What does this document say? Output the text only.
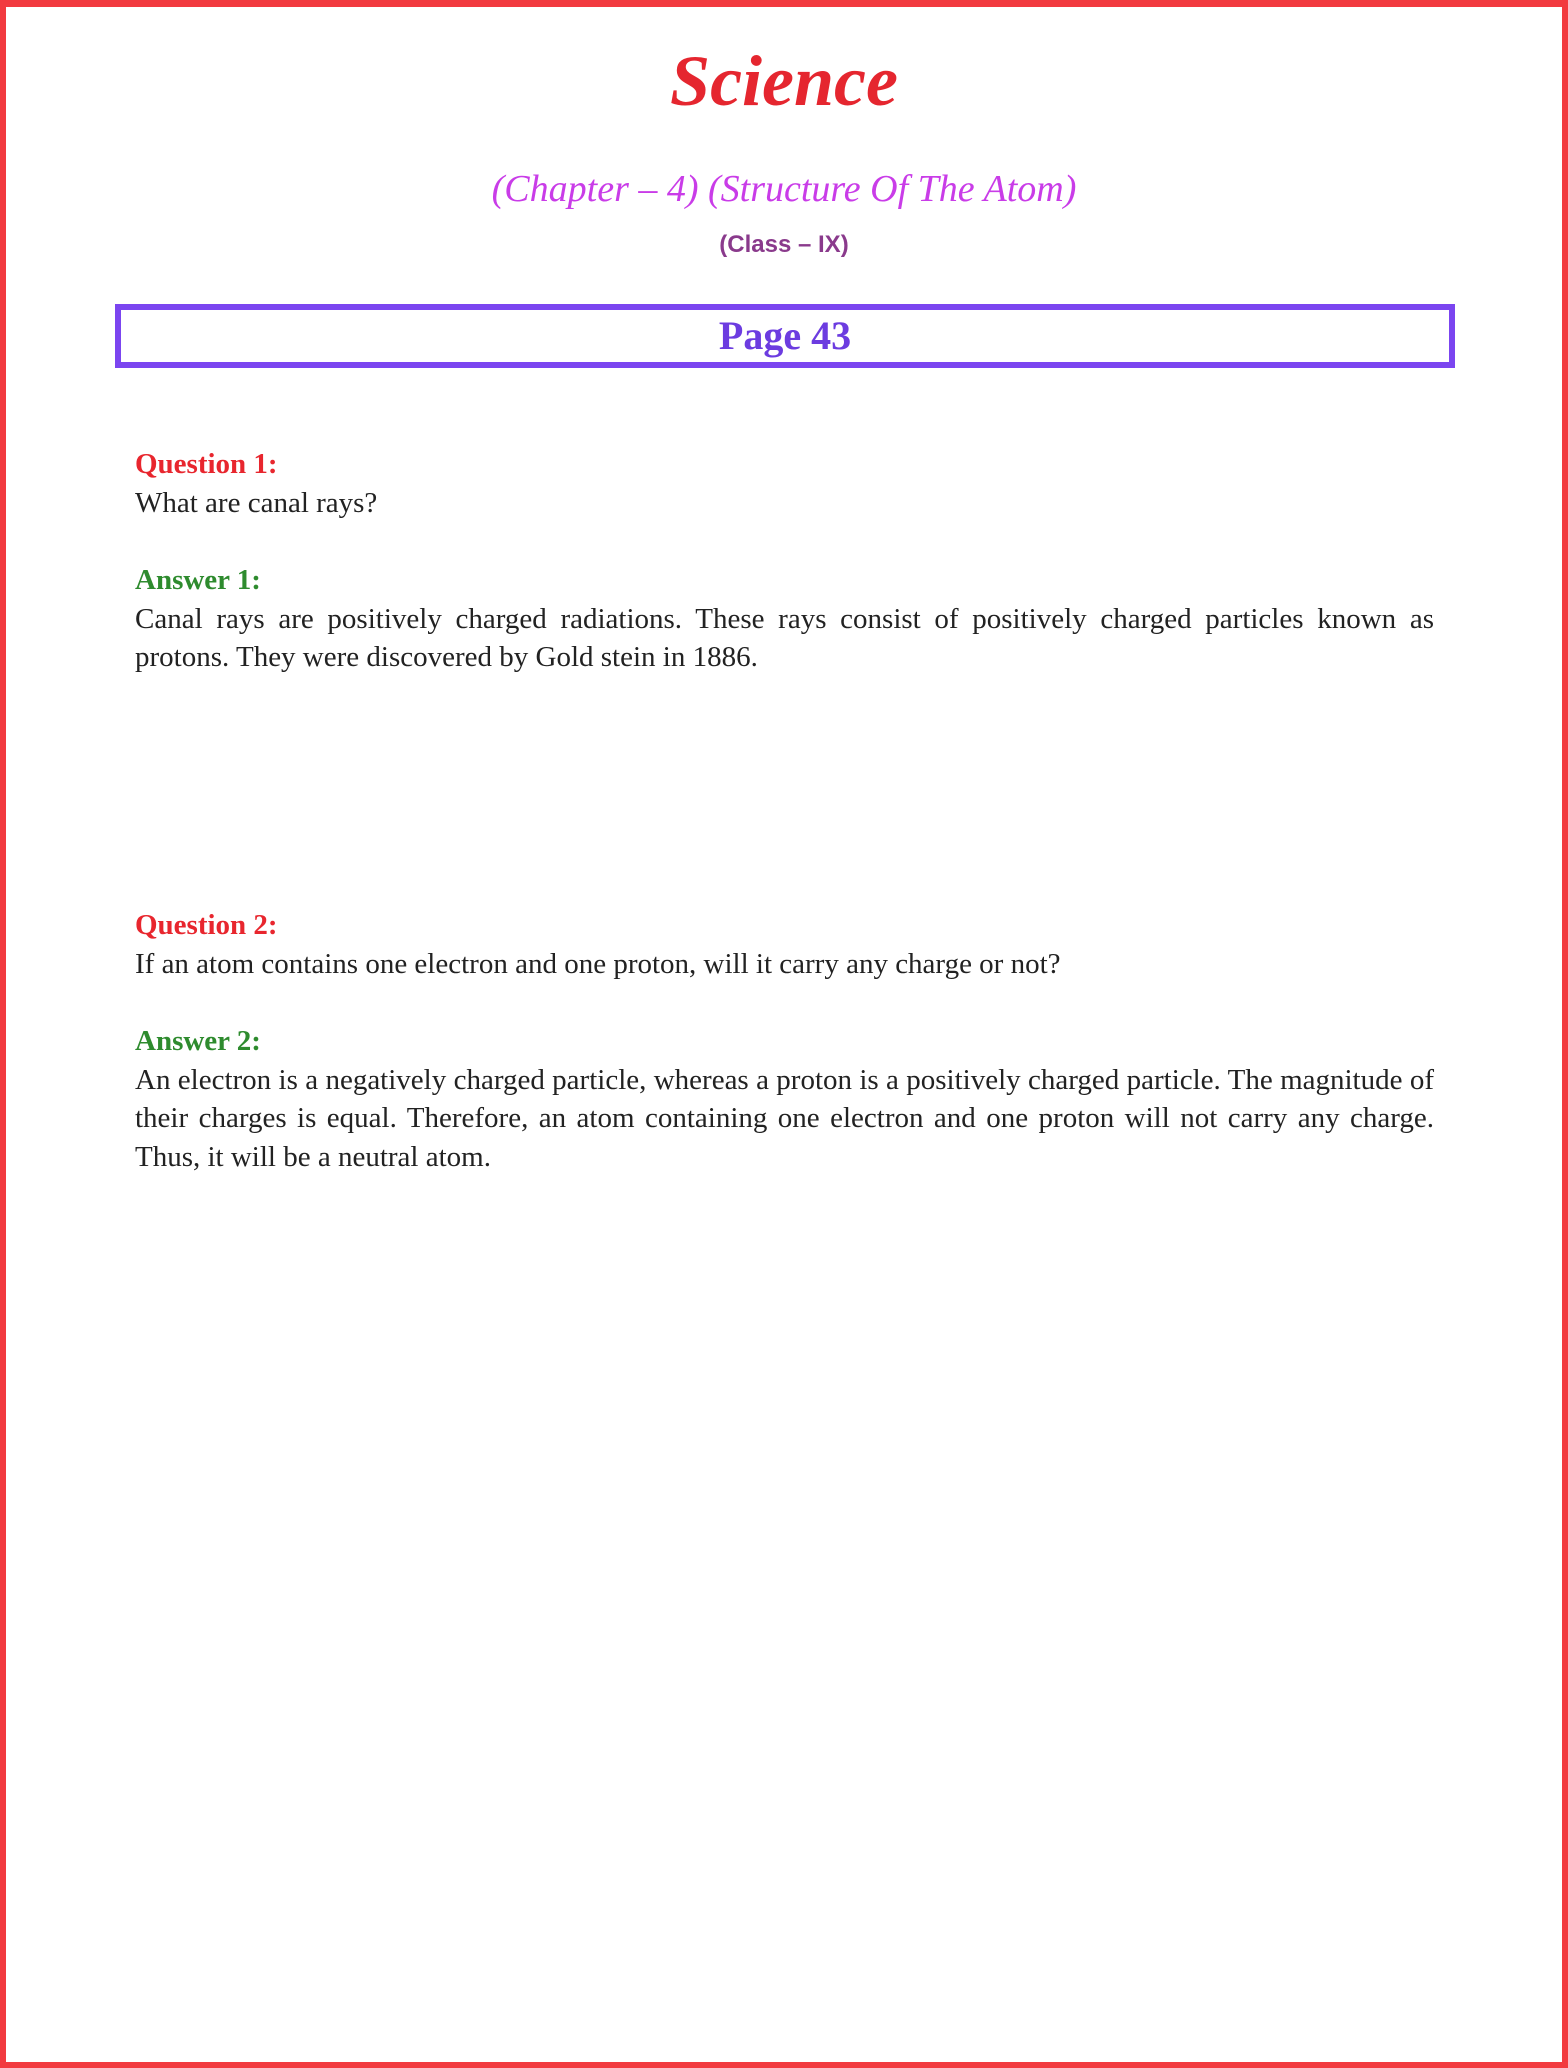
Science
(Chapter – 4) (Structure Of The Atom)
(Class – IX)
Page 43
Question 1:
What are canal rays?
Answer 1:
Canal rays are positively charged radiations. These rays consist of positively charged particles known as protons. They were discovered by Gold stein in 1886.
Question 2:
If an atom contains one electron and one proton, will it carry any charge or not?
Answer 2:
An electron is a negatively charged particle, whereas a proton is a positively charged particle. The magnitude of their charges is equal. Therefore, an atom containing one electron and one proton will not carry any charge. Thus, it will be a neutral atom.
